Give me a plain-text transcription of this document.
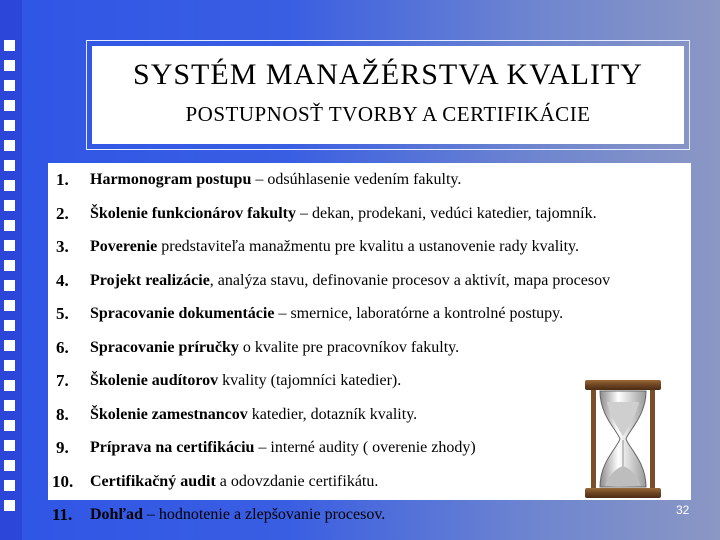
SYSTÉM MANAŽÉRSTVA KVALITY
POSTUPNOSŤ TVORBY A CERTIFIKÁCIE
1. Harmonogram postupu – odsúhlasenie vedením fakulty.
2. Školenie funkcionárov fakulty – dekan, prodekani, vedúci katedier, tajomník.
3. Poverenie predstaviteľa manažmentu pre kvalitu a ustanovenie rady kvality.
4. Projekt realizácie, analýza stavu, definovanie procesov a aktivít, mapa procesov
5. Spracovanie dokumentácie – smernice, laboratórne a kontrolné postupy.
6. Spracovanie príručky o kvalite pre pracovníkov fakulty.
7. Školenie audítorov kvality (tajomníci katedier).
8. Školenie zamestnancov katedier, dotazník kvality.
9. Príprava na certifikáciu – interné audity ( overenie zhody)
10. Certifikačný audit a odovzdanie certifikátu.
11. Dohľad – hodnotenie a zlepšovanie procesov.	32
